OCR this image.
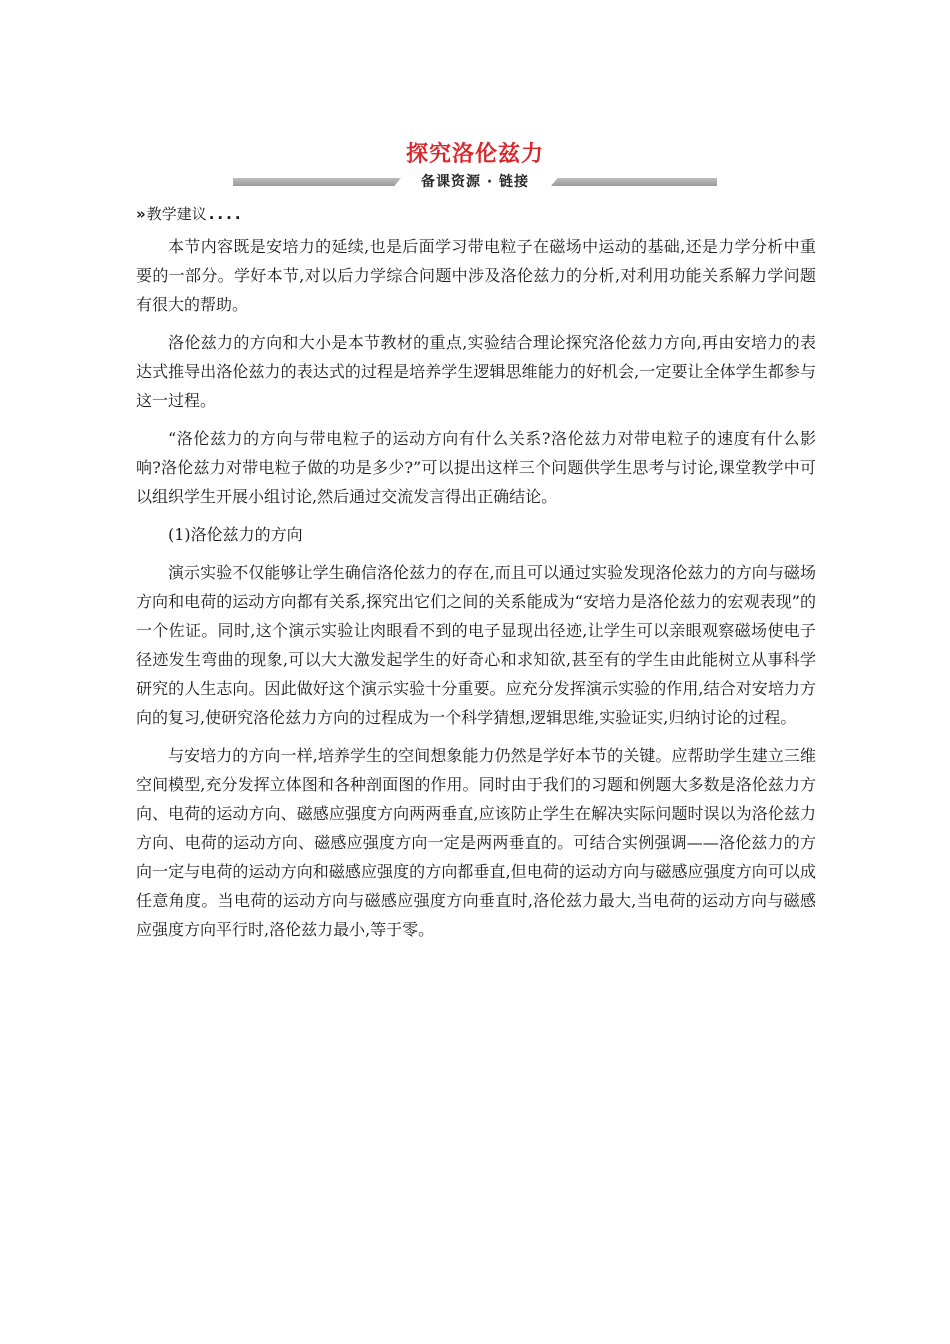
探究洛伦兹力
备课资源 · 链接
» 教学建议 ....

本节内容既是安培力的延续,也是后面学习带电粒子在磁场中运动的基础,还是力学分析中重要的一部分。学好本节,对以后力学综合问题中涉及洛伦兹力的分析,对利用功能关系解力学问题有很大的帮助。

洛伦兹力的方向和大小是本节教材的重点,实验结合理论探究洛伦兹力方向,再由安培力的表达式推导出洛伦兹力的表达式的过程是培养学生逻辑思维能力的好机会,一定要让全体学生都参与这一过程。

“洛伦兹力的方向与带电粒子的运动方向有什么关系?洛伦兹力对带电粒子的速度有什么影响?洛伦兹力对带电粒子做的功是多少?”可以提出这样三个问题供学生思考与讨论,课堂教学中可以组织学生开展小组讨论,然后通过交流发言得出正确结论。

(1)洛伦兹力的方向

演示实验不仅能够让学生确信洛伦兹力的存在,而且可以通过实验发现洛伦兹力的方向与磁场方向和电荷的运动方向都有关系,探究出它们之间的关系能成为“安培力是洛伦兹力的宏观表现”的一个佐证。同时,这个演示实验让肉眼看不到的电子显现出径迹,让学生可以亲眼观察磁场使电子径迹发生弯曲的现象,可以大大激发起学生的好奇心和求知欲,甚至有的学生由此能树立从事科学研究的人生志向。因此做好这个演示实验十分重要。应充分发挥演示实验的作用,结合对安培力方向的复习,使研究洛伦兹力方向的过程成为一个科学猜想,逻辑思维,实验证实,归纳讨论的过程。

与安培力的方向一样,培养学生的空间想象能力仍然是学好本节的关键。应帮助学生建立三维空间模型,充分发挥立体图和各种剖面图的作用。同时由于我们的习题和例题大多数是洛伦兹力方向、电荷的运动方向、磁感应强度方向两两垂直,应该防止学生在解决实际问题时误以为洛伦兹力方向、电荷的运动方向、磁感应强度方向一定是两两垂直的。可结合实例强调——洛伦兹力的方向一定与电荷的运动方向和磁感应强度的方向都垂直,但电荷的运动方向与磁感应强度方向可以成任意角度。当电荷的运动方向与磁感应强度方向垂直时,洛伦兹力最大,当电荷的运动方向与磁感应强度方向平行时,洛伦兹力最小,等于零。
